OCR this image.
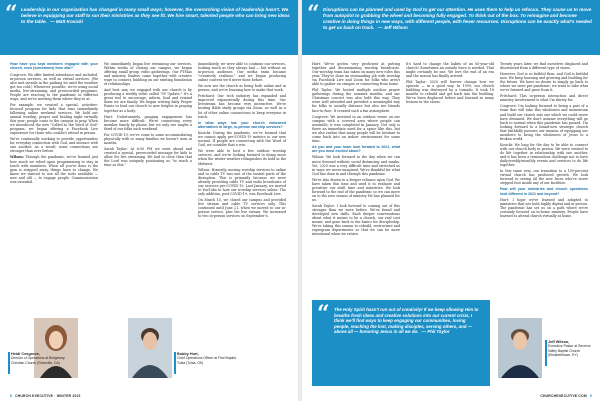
“ Leadership in our organization has changed in many small ways; however, the overarching vision of leadership hasn't. We believe in equipping our staff to run their ministries as they see fit. We hire smart, talented people who can bring new ideas to the table. — Matt Kosicki

How have you kept members engaged with your church, even (sometimes) from afar?

Cosgrove: We offer limited attendance and included, in-person services, as well as virtual services. (We also met outside in the parking lot until the weather got too cold.) Whenever possible, we're using social media, live-streaming, and prerecorded programs. People are reacting to the pandemic in different ways, and we're meeting them where they're at.

For example, we created a special, activities-focused program for kids that runs immediately following online weekend services. We hold our annual worship, prayer and healing night virtually this year; people come to the campus to pray. When we introduced the new "Called to the Word of God" program, we began offering a Facebook Live experience for those who couldn't attend in person.

We're continually working to provide opportunities for everyday connection with God, and interact with one another. As a result, some connections are stronger than ever before.

Wilson: Through the pandemic, we've learned just how much we relied upon programming to stay in touch with members. When all you've done is the gym is stripped away, things have to change. We knew we wanted to use all the tools available — new and old — to engage people. Communication was essential.

We immediately began live streaming our services. Within weeks of closing our campus, we began offering small group video gatherings. Our PTMAs and ministry leaders came together with creative ways to connect, building on our existing foundation of relationships.

And best way we engaged with our church is by producing a weekly video called "5V Update." It's a great tool to encourage, inform, lead and remind them we are family. We began writing daily Prayer Points to lead our church to new heights in praying together as a body.

Hurt: Unfortunately, gauging engagement has become more difficult. We're connecting every member family by phone, but we only see maybe a third of our folks each weekend.

For COVID-19, we've come to some accommodating physically with so many families we haven't seen in months.

Sarah Taylor: At 6:00 PM we went ahead and created a special, prerecorded message for kids to allow for live streaming. We had to close then that the Lord was uniquely positioning us "to reach a time as this."

Immediately, we were able to continue our services, looking much as they always had — but without an in-person audience. Our media team became "creatively resilient," and we began producing online content we'd never done before.

We now see the church as being both online and in person, and we're learning how to make that work.

Pritchard: Our tech industry has expanded and improved exponentially during this time. Our livestream has become very interactive. We're hosting Bible study groups via Zoom, as well as a lot of other online connections to keep everyone in touch.

In what ways has your church embraced alternatives to large, in-person worship services?

Kosicki: During the pandemic, we've learned that we cannot apply pre-COVID-19 metrics to our new normal. If people are connecting with the Word of God, we consider that a win.

We were able to host a few outdoor worship services, and we're looking forward to doing more when the winter weather relinquishes its hold in the Midwest.

Wilson: Honestly, moving worship services to online and to cable TV was one of the easiest parts of the disruption. This is primarily because we were already providing cable TV and radio broadcasts of our services pre-COVID-19. Last January, we moved to YouTube to host our worship services online. The only addition, post-COVID-19, was Facebook Live.

On March 15, we closed our campus and provided live stream and cable TV services only. This continued until June 21, when we moved to our in-person service, plus the live stream. We increased to two in-person services on September 6.

Heidi Cosgrove,
Director of Operations at Bridgeway Christian Church (Roseville, CA)
Bobby Hurt,
Chief Operations Officer at First Baptist Tulsa (Tulsa, OK)
8 CHURCH EXECUTIVE · WINTER 2021
“ Disruptions can be planned and used by God to get our attention. He uses them to help us refocus. They cause us to move from autopilot to grabbing the wheel and becoming fully engaged. To think out of the box. To reimagine and become creative in doing things in new ways, with different people, with fewer resources. Disruptions can be exactly what's needed to get us back on track. — Jeff Wilson

Hurt: We've gotten very proficient at putting together and disseminating worship broadcasts. Our worship team has taken on many new roles this year. They've done an outstanding job with worship via Facebook Live and Zoom for folks who aren't able to gather on campus or connecting from home.

Phil Taylor: We hosted multiple outdoor prayer gatherings during the summer months, and our Christmas concert was also held this way. They were well attended and provided a meaningful way for folks to socially distance but also see friends face-to-face. It created such a fun atmosphere.

Cosgrove: We invested in an outdoor venue on our campus with a covered area where people can assemble; it was completed in January. Not only is there an immediate need for a space like this, but we also realize that many people will be hesitant to come back into an indoor environment for some time.

As you and your team look forward to 2021, what are you most excited about?

Wilson: We look forward to the day when we can move forward without social distancing and masks. Yet, 2020 was a very difficult time and stretched us in ways we never imagined. We're thankful for what God has done in and through this pandemic.

We're also drawn to a deeper reliance upon God. We have taken this time and used it to evaluate and prioritize our staff, time and ministries. We look forward to the end of the pandemic so we can move on to the new season of ministry He has planned for us.

Sarah Taylor: I look forward to coming out of this stronger than we were before. We've found and developed new skills. Each deeper conversations about what it means to be a church, our real cast meant, and gone back to the basics for discipleship. We're taking this season to rebuild, restructure and reprogram departments so that we can be more intentional when we return.

It's hard to change the habits of an 85-year-old church! Sometimes an outside force is needed. That might certainly be one. We love the end of an era and the season has finally arrived.

Phil Taylor: 2020 will forever change how we operate — in a good way. In 1999, our church building was destroyed by a tornado. It took 18 months to rebuild and get back into the building. We've been displaced before and learned so many lessons in the storm.

Twenty years later, we find ourselves displaced and disoriented from a different type of storm.

However, God is so faithful then, and God is faithful now. We keep learning and growing and building for the future. We have no desire to simply go back to where we were pre-pandemic; we want to take what we've learned and grow from it.

Pritchard: This in-person interaction and direct ministry involvement is what I'm thirsty for.

Cosgrove: I'm looking forward to being a part of a team that will take this wholeness and momentum and build our church into one which we could never have dreamed. We don't assume everything will go back to normal when this pandemic has passed. I'm looking forward to a brand-new strategic church that faithfully pursues our mission of equipping our members to bring the wholeness of Jesus to a broken world.

Kosicki: We long for the day to be able to connect with our church body in person. We were created to do life together in relationship with one another, and it has been a tremendous challenge not to have daily/weekly/monthly events and services to do life together.

In this same vein, our transition to a 100-percent virtual church has produced growth. We look forward to seeing all the new faces who've never stepped foot inside any of our facilities.

How will your ministries and church operations look different in 2021 and beyond?

Hurt: I hope we've learned and adapted to ministries that are both highly digital and in-person. The pandemic has set us on a path where we're certainly focused on in-home ministry. People have learned to attend church virtually at home.

“ The Holy Spirit hasn't run out of creativity! If we keep allowing Him to breathe fresh ideas and creative solutions into our current crisis, I think we'll find ways to keep engaging our communities, loving people, reaching the lost, making disciples, serving others, and — above all — honoring Jesus in all we do. — Phil Taylor
Jeff Wilson,
Executive Pastor at Severns Valley Baptist Church (Elizabethtown, KY)
CHURCHEXECUTIVE.COM 9
